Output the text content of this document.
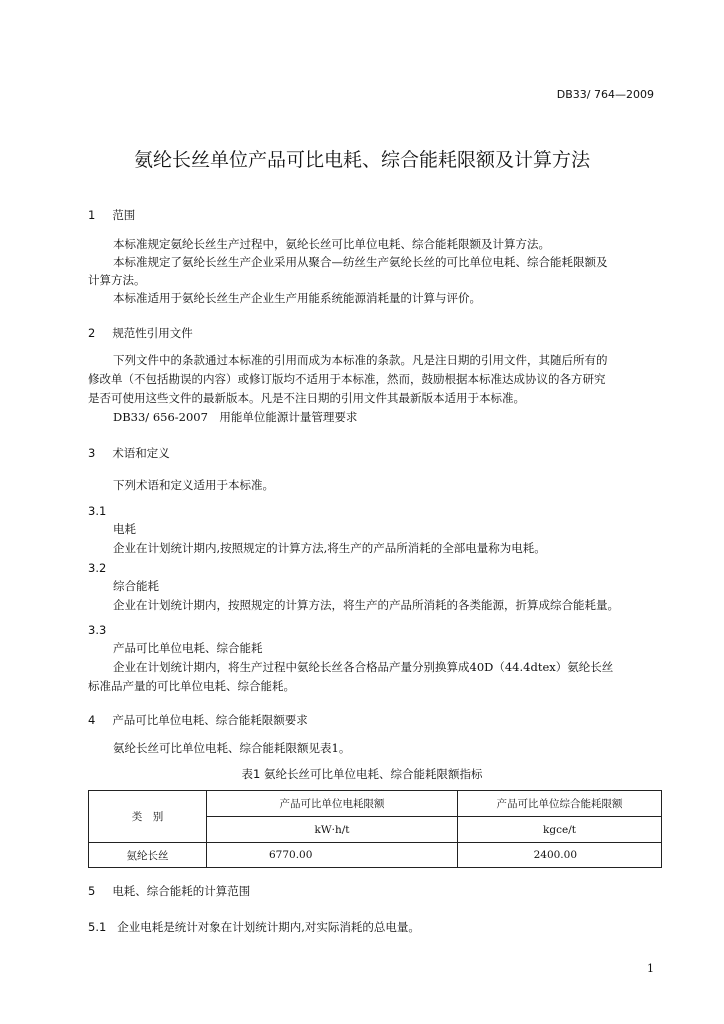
DB33/ 764—2009
氨纶长丝单位产品可比电耗、综合能耗限额及计算方法
1 范围
本标准规定氨纶长丝生产过程中，氨纶长丝可比单位电耗、综合能耗限额及计算方法。
本标准规定了氨纶长丝生产企业采用从聚合—纺丝生产氨纶长丝的可比单位电耗、综合能耗限额及
计算方法。
本标准适用于氨纶长丝生产企业生产用能系统能源消耗量的计算与评价。
2 规范性引用文件
下列文件中的条款通过本标准的引用而成为本标准的条款。凡是注日期的引用文件，其随后所有的
修改单（不包括勘误的内容）或修订版均不适用于本标准，然而，鼓励根据本标准达成协议的各方研究
是否可使用这些文件的最新版本。凡是不注日期的引用文件其最新版本适用于本标准。
DB33/ 656-2007　用能单位能源计量管理要求
3 术语和定义
下列术语和定义适用于本标准。
3.1
电耗
企业在计划统计期内,按照规定的计算方法,将生产的产品所消耗的全部电量称为电耗。
3.2
综合能耗
企业在计划统计期内，按照规定的计算方法，将生产的产品所消耗的各类能源，折算成综合能耗量。
3.3
产品可比单位电耗、综合能耗
企业在计划统计期内，将生产过程中氨纶长丝各合格品产量分别换算成40D（44.4dtex）氨纶长丝
标准品产量的可比单位电耗、综合能耗。
4 产品可比单位电耗、综合能耗限额要求
氨纶长丝可比单位电耗、综合能耗限额见表1。
表1 氨纶长丝可比单位电耗、综合能耗限额指标
类　别	产品可比单位电耗限额	产品可比单位综合能耗限额
	kW·h/t	kgce/t
氨纶长丝	6770.00	2400.00
5 电耗、综合能耗的计算范围
5.1 企业电耗是统计对象在计划统计期内,对实际消耗的总电量。
1
